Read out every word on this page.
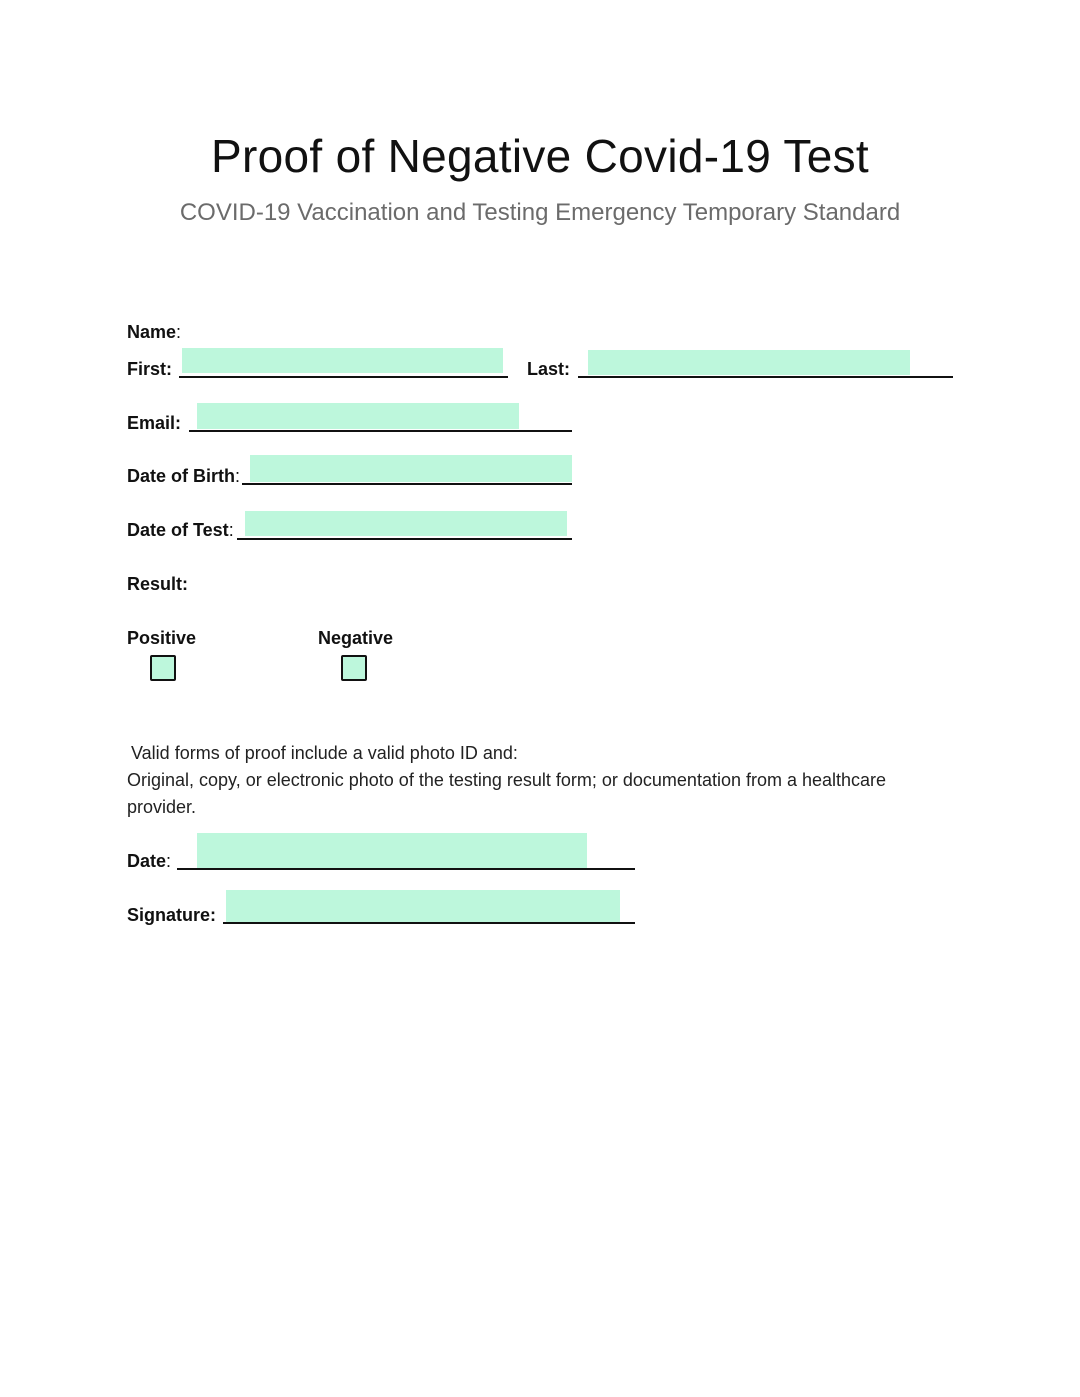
Proof of Negative Covid-19 Test
COVID-19 Vaccination and Testing Emergency Temporary Standard
Name:
First:	Last:
Email:
Date of Birth:
Date of Test:
Result:
Positive	Negative
Valid forms of proof include a valid photo ID and:
Original, copy, or electronic photo of the testing result form; or documentation from a healthcare provider.
Date:
Signature:
